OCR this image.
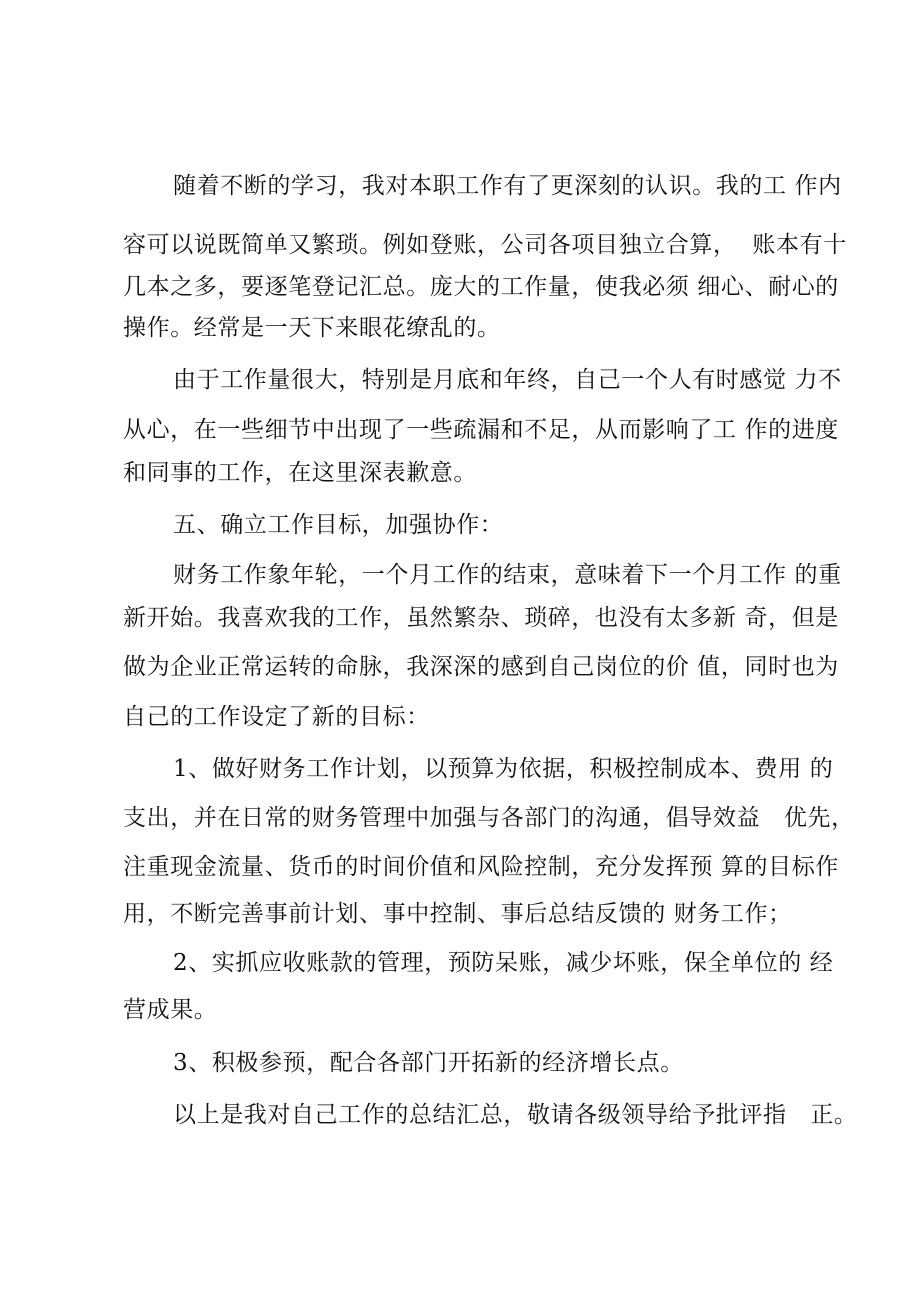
随着不断的学习，我对本职工作有了更深刻的认识。我的工 作内
容可以说既简单又繁琐。例如登账，公司各项目独立合算，  账本有十
几本之多，要逐笔登记汇总。庞大的工作量，使我必须 细心、耐心的
操作。经常是一天下来眼花缭乱的。
由于工作量很大，特别是月底和年终，自己一个人有时感觉 力不
从心，在一些细节中出现了一些疏漏和不足，从而影响了工 作的进度
和同事的工作，在这里深表歉意。
五、确立工作目标，加强协作：
财务工作象年轮，一个月工作的结束，意味着下一个月工作 的重
新开始。我喜欢我的工作，虽然繁杂、琐碎，也没有太多新 奇，但是
做为企业正常运转的命脉，我深深的感到自己岗位的价 值，同时也为
自己的工作设定了新的目标：
1、做好财务工作计划，以预算为依据，积极控制成本、费用 的
支出，并在日常的财务管理中加强与各部门的沟通，倡导效益   优先，
注重现金流量、货币的时间价值和风险控制，充分发挥预 算的目标作
用，不断完善事前计划、事中控制、事后总结反馈的 财务工作；
2、实抓应收账款的管理，预防呆账，减少坏账，保全单位的 经
营成果。
3、积极参预，配合各部门开拓新的经济增长点。
以上是我对自己工作的总结汇总，敬请各级领导给予批评指   正。
